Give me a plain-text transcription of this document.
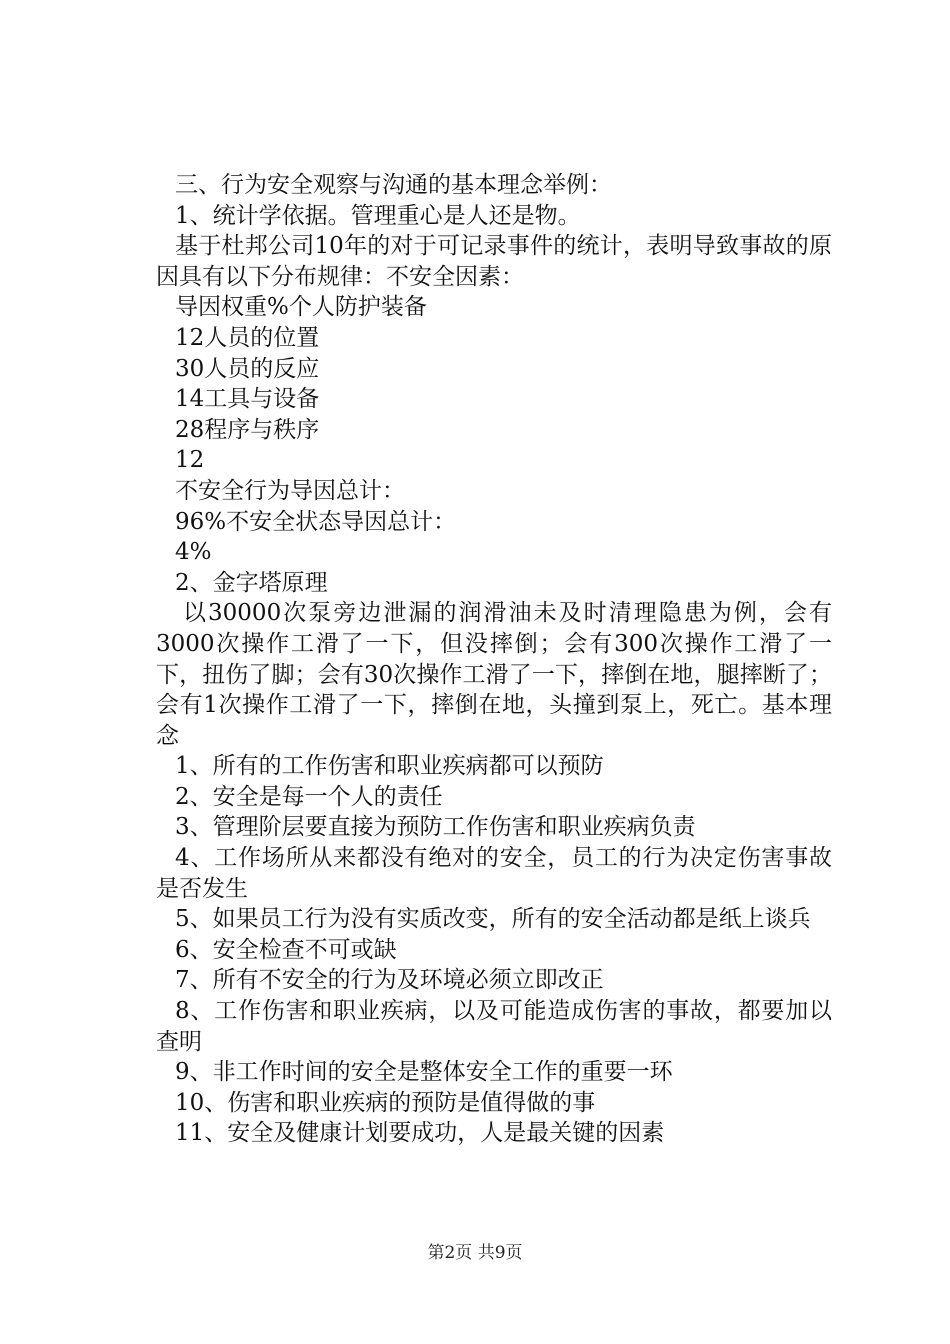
三、行为安全观察与沟通的基本理念举例：

1、统计学依据。管理重心是人还是物。

基于杜邦公司10年的对于可记录事件的统计，表明导致事故的原因具有以下分布规律：不安全因素：

导因权重%个人防护装备

12人员的位置

30人员的反应

14工具与设备

28程序与秩序

12

不安全行为导因总计：

96%不安全状态导因总计：

4%

2、金字塔原理

以30000次泵旁边泄漏的润滑油未及时清理隐患为例，会有3000次操作工滑了一下，但没摔倒；会有300次操作工滑了一下，扭伤了脚；会有30次操作工滑了一下，摔倒在地，腿摔断了；会有1次操作工滑了一下，摔倒在地，头撞到泵上，死亡。基本理念

1、所有的工作伤害和职业疾病都可以预防

2、安全是每一个人的责任

3、管理阶层要直接为预防工作伤害和职业疾病负责

4、工作场所从来都没有绝对的安全，员工的行为决定伤害事故是否发生

5、如果员工行为没有实质改变，所有的安全活动都是纸上谈兵

6、安全检查不可或缺

7、所有不安全的行为及环境必须立即改正

8、工作伤害和职业疾病，以及可能造成伤害的事故，都要加以查明

9、非工作时间的安全是整体安全工作的重要一环

10、伤害和职业疾病的预防是值得做的事

11、安全及健康计划要成功，人是最关键的因素

第2页 共9页
